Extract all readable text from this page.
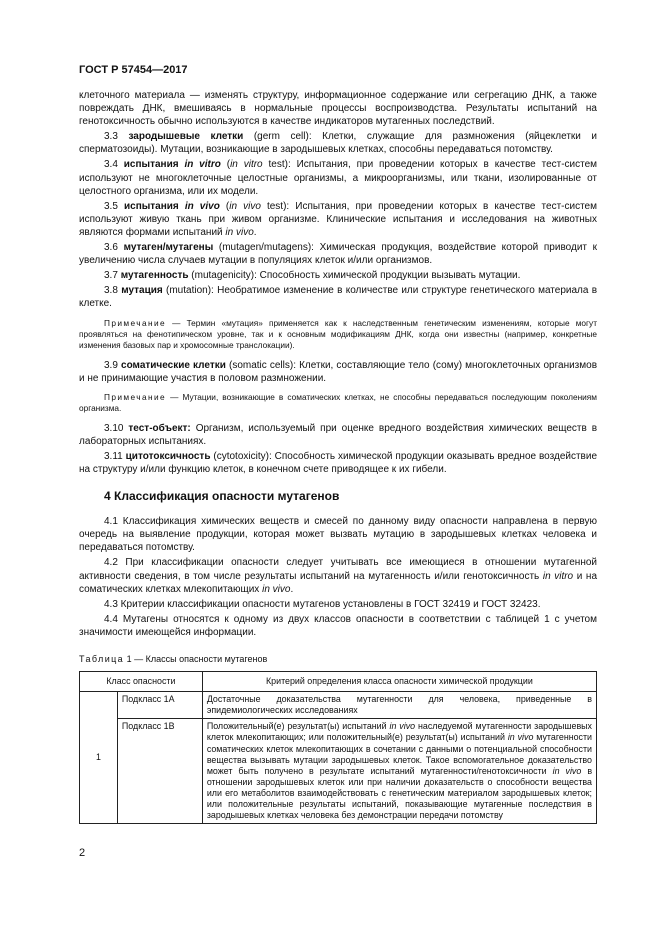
ГОСТ Р 57454—2017

клеточного материала — изменять структуру, информационное содержание или сегрегацию ДНК, а также повреждать ДНК, вмешиваясь в нормальные процессы воспроизводства. Результаты испытаний на генотоксичность обычно используются в качестве индикаторов мутагенных последствий.

3.3 зародышевые клетки (germ cell): Клетки, служащие для размножения (яйцеклетки и сперматозоиды). Мутации, возникающие в зародышевых клетках, способны передаваться потомству.

3.4 испытания in vitro (in vitro test): Испытания, при проведении которых в качестве тест-систем используют не многоклеточные целостные организмы, а микроорганизмы, или ткани, изолированные от целостного организма, или их модели.

3.5 испытания in vivo (in vivo test): Испытания, при проведении которых в качестве тест-систем используют живую ткань при живом организме. Клинические испытания и исследования на животных являются формами испытаний in vivo.

3.6 мутаген/мутагены (mutagen/mutagens): Химическая продукция, воздействие которой приводит к увеличению числа случаев мутации в популяциях клеток и/или организмов.

3.7 мутагенность (mutagenicity): Способность химической продукции вызывать мутации.

3.8 мутация (mutation): Необратимое изменение в количестве или структуре генетического материала в клетке.

Примечание — Термин «мутация» применяется как к наследственным генетическим изменениям, которые могут проявляться на фенотипическом уровне, так и к основным модификациям ДНК, когда они известны (например, конкретные изменения базовых пар и хромосомные транслокации).

3.9 соматические клетки (somatic cells): Клетки, составляющие тело (сому) многоклеточных организмов и не принимающие участия в половом размножении.

Примечание — Мутации, возникающие в соматических клетках, не способны передаваться последующим поколениям организма.

3.10 тест-объект: Организм, используемый при оценке вредного воздействия химических веществ в лабораторных испытаниях.

3.11 цитотоксичность (cytotoxicity): Способность химической продукции оказывать вредное воздействие на структуру и/или функцию клеток, в конечном счете приводящее к их гибели.

4 Классификация опасности мутагенов

4.1 Классификация химических веществ и смесей по данному виду опасности направлена в первую очередь на выявление продукции, которая может вызвать мутацию в зародышевых клетках человека и передаваться потомству.

4.2 При классификации опасности следует учитывать все имеющиеся в отношении мутагенной активности сведения, в том числе результаты испытаний на мутагенность и/или генотоксичность in vitro и на соматических клетках млекопитающих in vivo.

4.3 Критерии классификации опасности мутагенов установлены в ГОСТ 32419 и ГОСТ 32423.

4.4 Мутагены относятся к одному из двух классов опасности в соответствии с таблицей 1 с учетом значимости имеющейся информации.

Таблица 1 — Классы опасности мутагенов
Класс опасности	Критерий определения класса опасности химической продукции
1	Подкласс 1А	Достаточные доказательства мутагенности для человека, приведенные в эпидемиологических исследованиях
	Подкласс 1В	Положительный(е) результат(ы) испытаний in vivo наследуемой мутагенности зародышевых клеток млекопитающих; или положительный(е) результат(ы) испытаний in vivo мутагенности соматических клеток млекопитающих в сочетании с данными о потенциальной способности вещества вызывать мутации зародышевых клеток. Такое вспомогательное доказательство может быть получено в результате испытаний мутагенности/генотоксичности in vivo в отношении зародышевых клеток или при наличии доказательств о способности вещества или его метаболитов взаимодействовать с генетическим материалом зародышевых клеток; или положительные результаты испытаний, показывающие мутагенные последствия в зародышевых клетках человека без демонстрации передачи потомству
2
